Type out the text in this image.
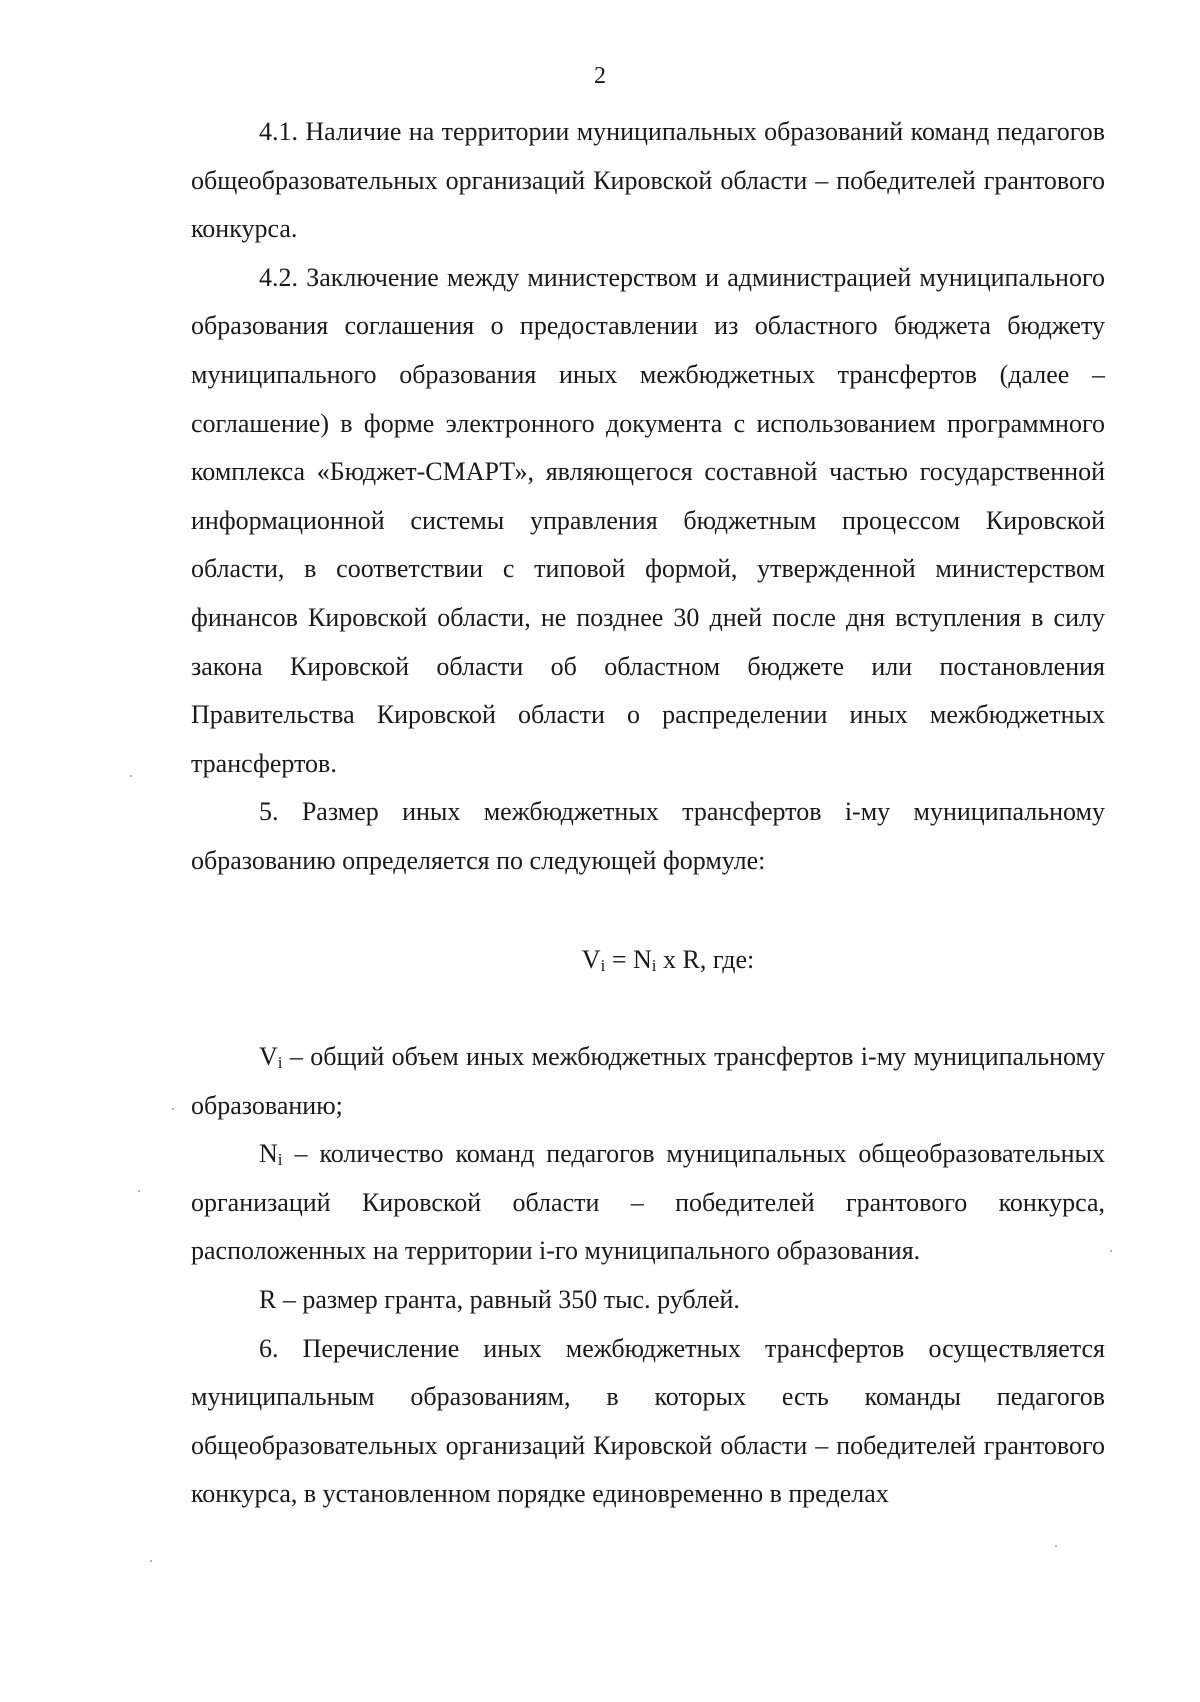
2

4.1. Наличие на территории муниципальных образований команд педагогов общеобразовательных организаций Кировской области – победителей грантового конкурса.

4.2. Заключение между министерством и администрацией муниципального образования соглашения о предоставлении из областного бюджета бюджету муниципального образования иных межбюджетных трансфертов (далее – соглашение) в форме электронного документа с использованием программного комплекса «Бюджет-СМАРТ», являющегося составной частью государственной информационной системы управления бюджетным процессом Кировской области, в соответствии с типовой формой, утвержденной министерством финансов Кировской области, не позднее 30 дней после дня вступления в силу закона Кировской области об областном бюджете или постановления Правительства Кировской области о распределении иных межбюджетных трансфертов.

5. Размер иных межбюджетных трансфертов i-му муниципальному образованию определяется по следующей формуле:

$V_i = N_i$ x R, где:

$V_i$ – общий объем иных межбюджетных трансфертов i-му муниципальному образованию;

$N_i$ – количество команд педагогов муниципальных общеобразовательных организаций Кировской области – победителей грантового конкурса, расположенных на территории i-го муниципального образования.

R – размер гранта, равный 350 тыс. рублей.

6. Перечисление иных межбюджетных трансфертов осуществляется муниципальным образованиям, в которых есть команды педагогов общеобразовательных организаций Кировской области – победителей грантового конкурса, в установленном порядке единовременно в пределах
